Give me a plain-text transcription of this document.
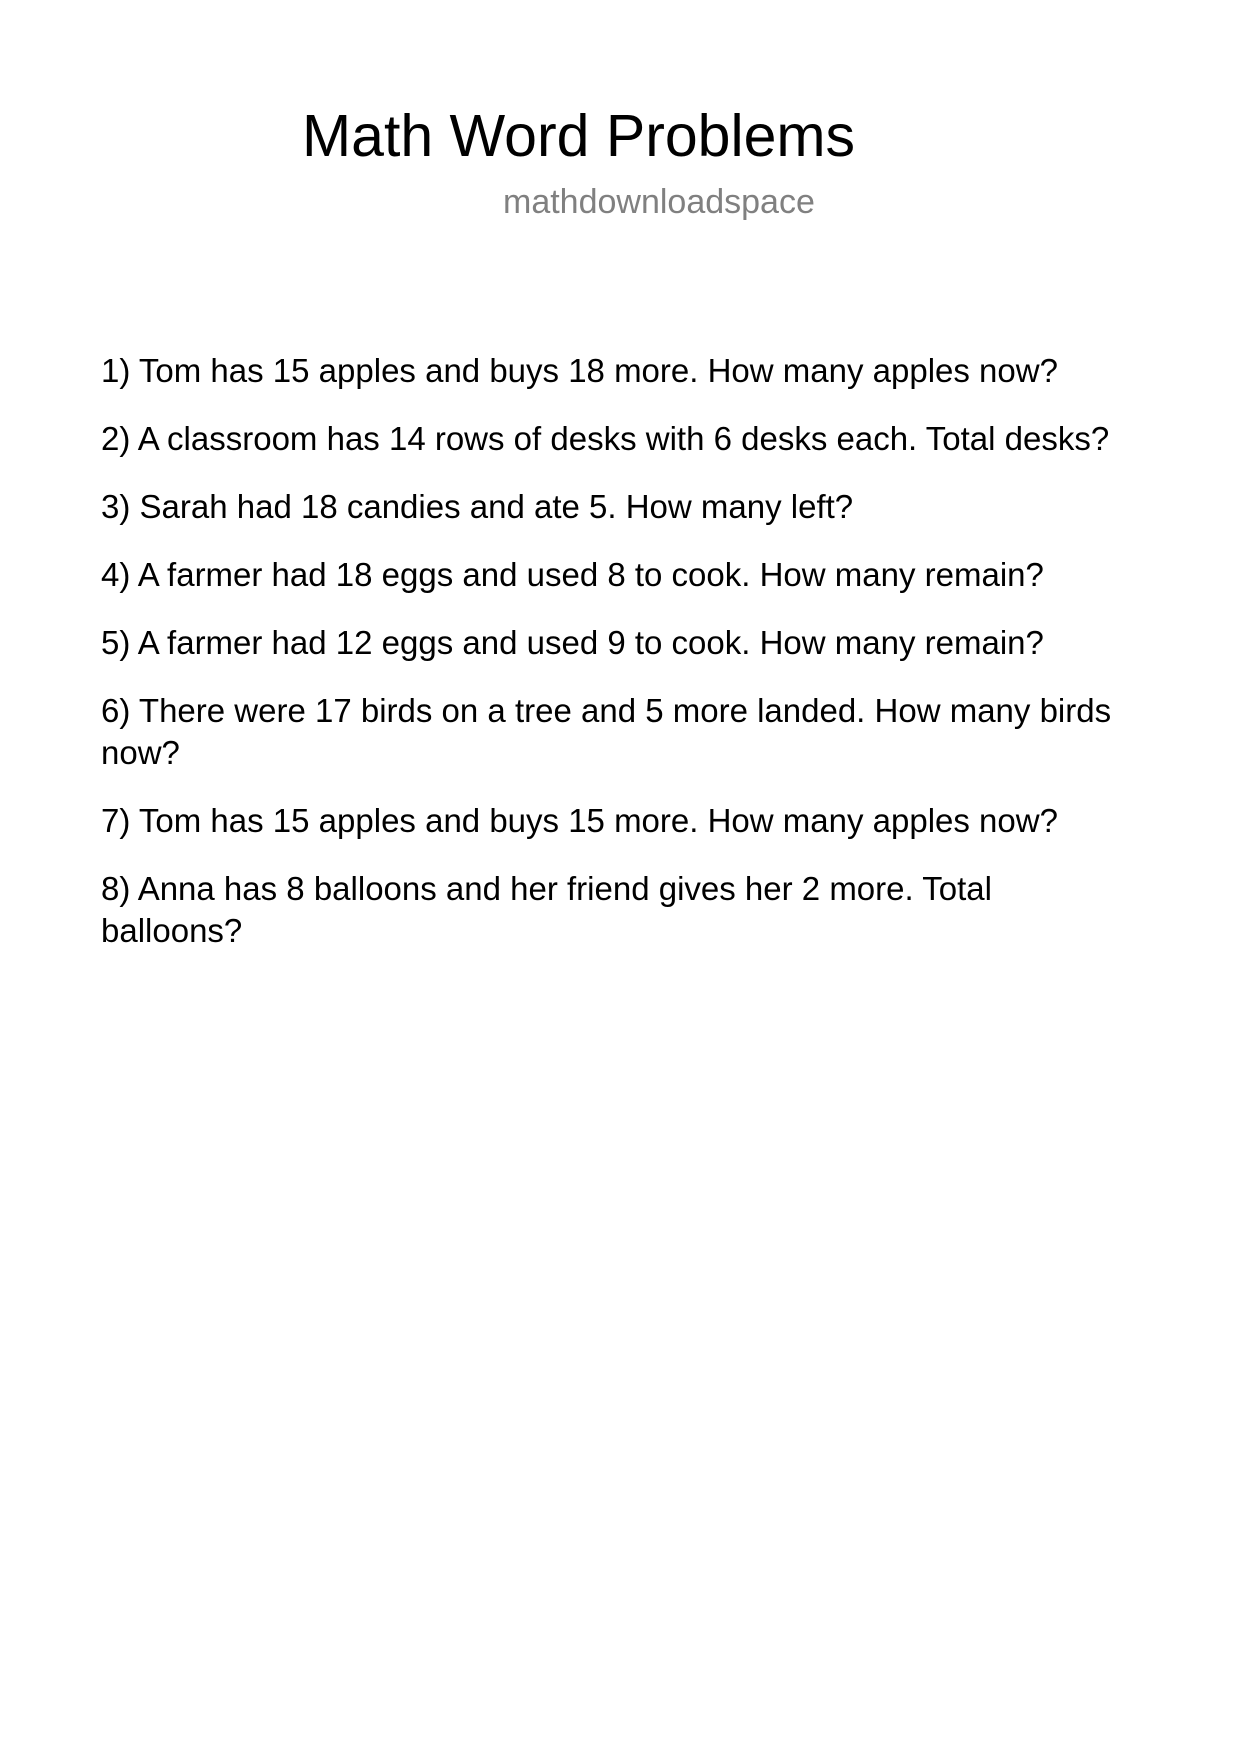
Math Word Problems
mathdownloadspace
1) Tom has 15 apples and buys 18 more. How many apples now?
2) A classroom has 14 rows of desks with 6 desks each. Total desks?
3) Sarah had 18 candies and ate 5. How many left?
4) A farmer had 18 eggs and used 8 to cook. How many remain?
5) A farmer had 12 eggs and used 9 to cook. How many remain?
6) There were 17 birds on a tree and 5 more landed. How many birds now?
7) Tom has 15 apples and buys 15 more. How many apples now?
8) Anna has 8 balloons and her friend gives her 2 more. Total balloons?
